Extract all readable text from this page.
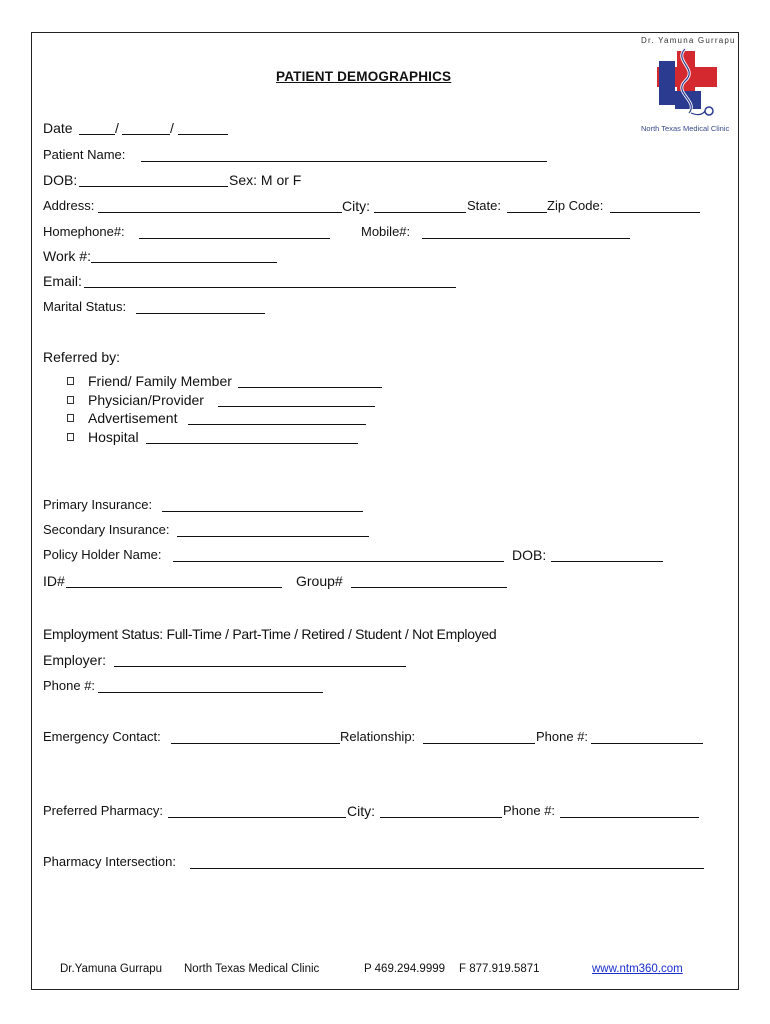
Dr. Yamuna Gurrapu
North Texas Medical Clinic
PATIENT DEMOGRAPHICS
Date	/	/
Patient Name:
DOB:	Sex: M or F
Address:	City:	State:	Zip Code:
Homephone#:	Mobile#:
Work #:
Email:
Marital Status:
Referred by:
Friend/ Family Member
Physician/Provider
Advertisement
Hospital
Primary Insurance:
Secondary Insurance:
Policy Holder Name:	DOB:
ID#	Group#
Employment Status: Full-Time / Part-Time / Retired / Student / Not Employed
Employer:
Phone #:
Emergency Contact:	Relationship:	Phone #:
Preferred Pharmacy:	City:	Phone #:
Pharmacy Intersection:
Dr.Yamuna Gurrapu North Texas Medical Clinic	P 469.294.9999 F 877.919.5871	www.ntm360.com
